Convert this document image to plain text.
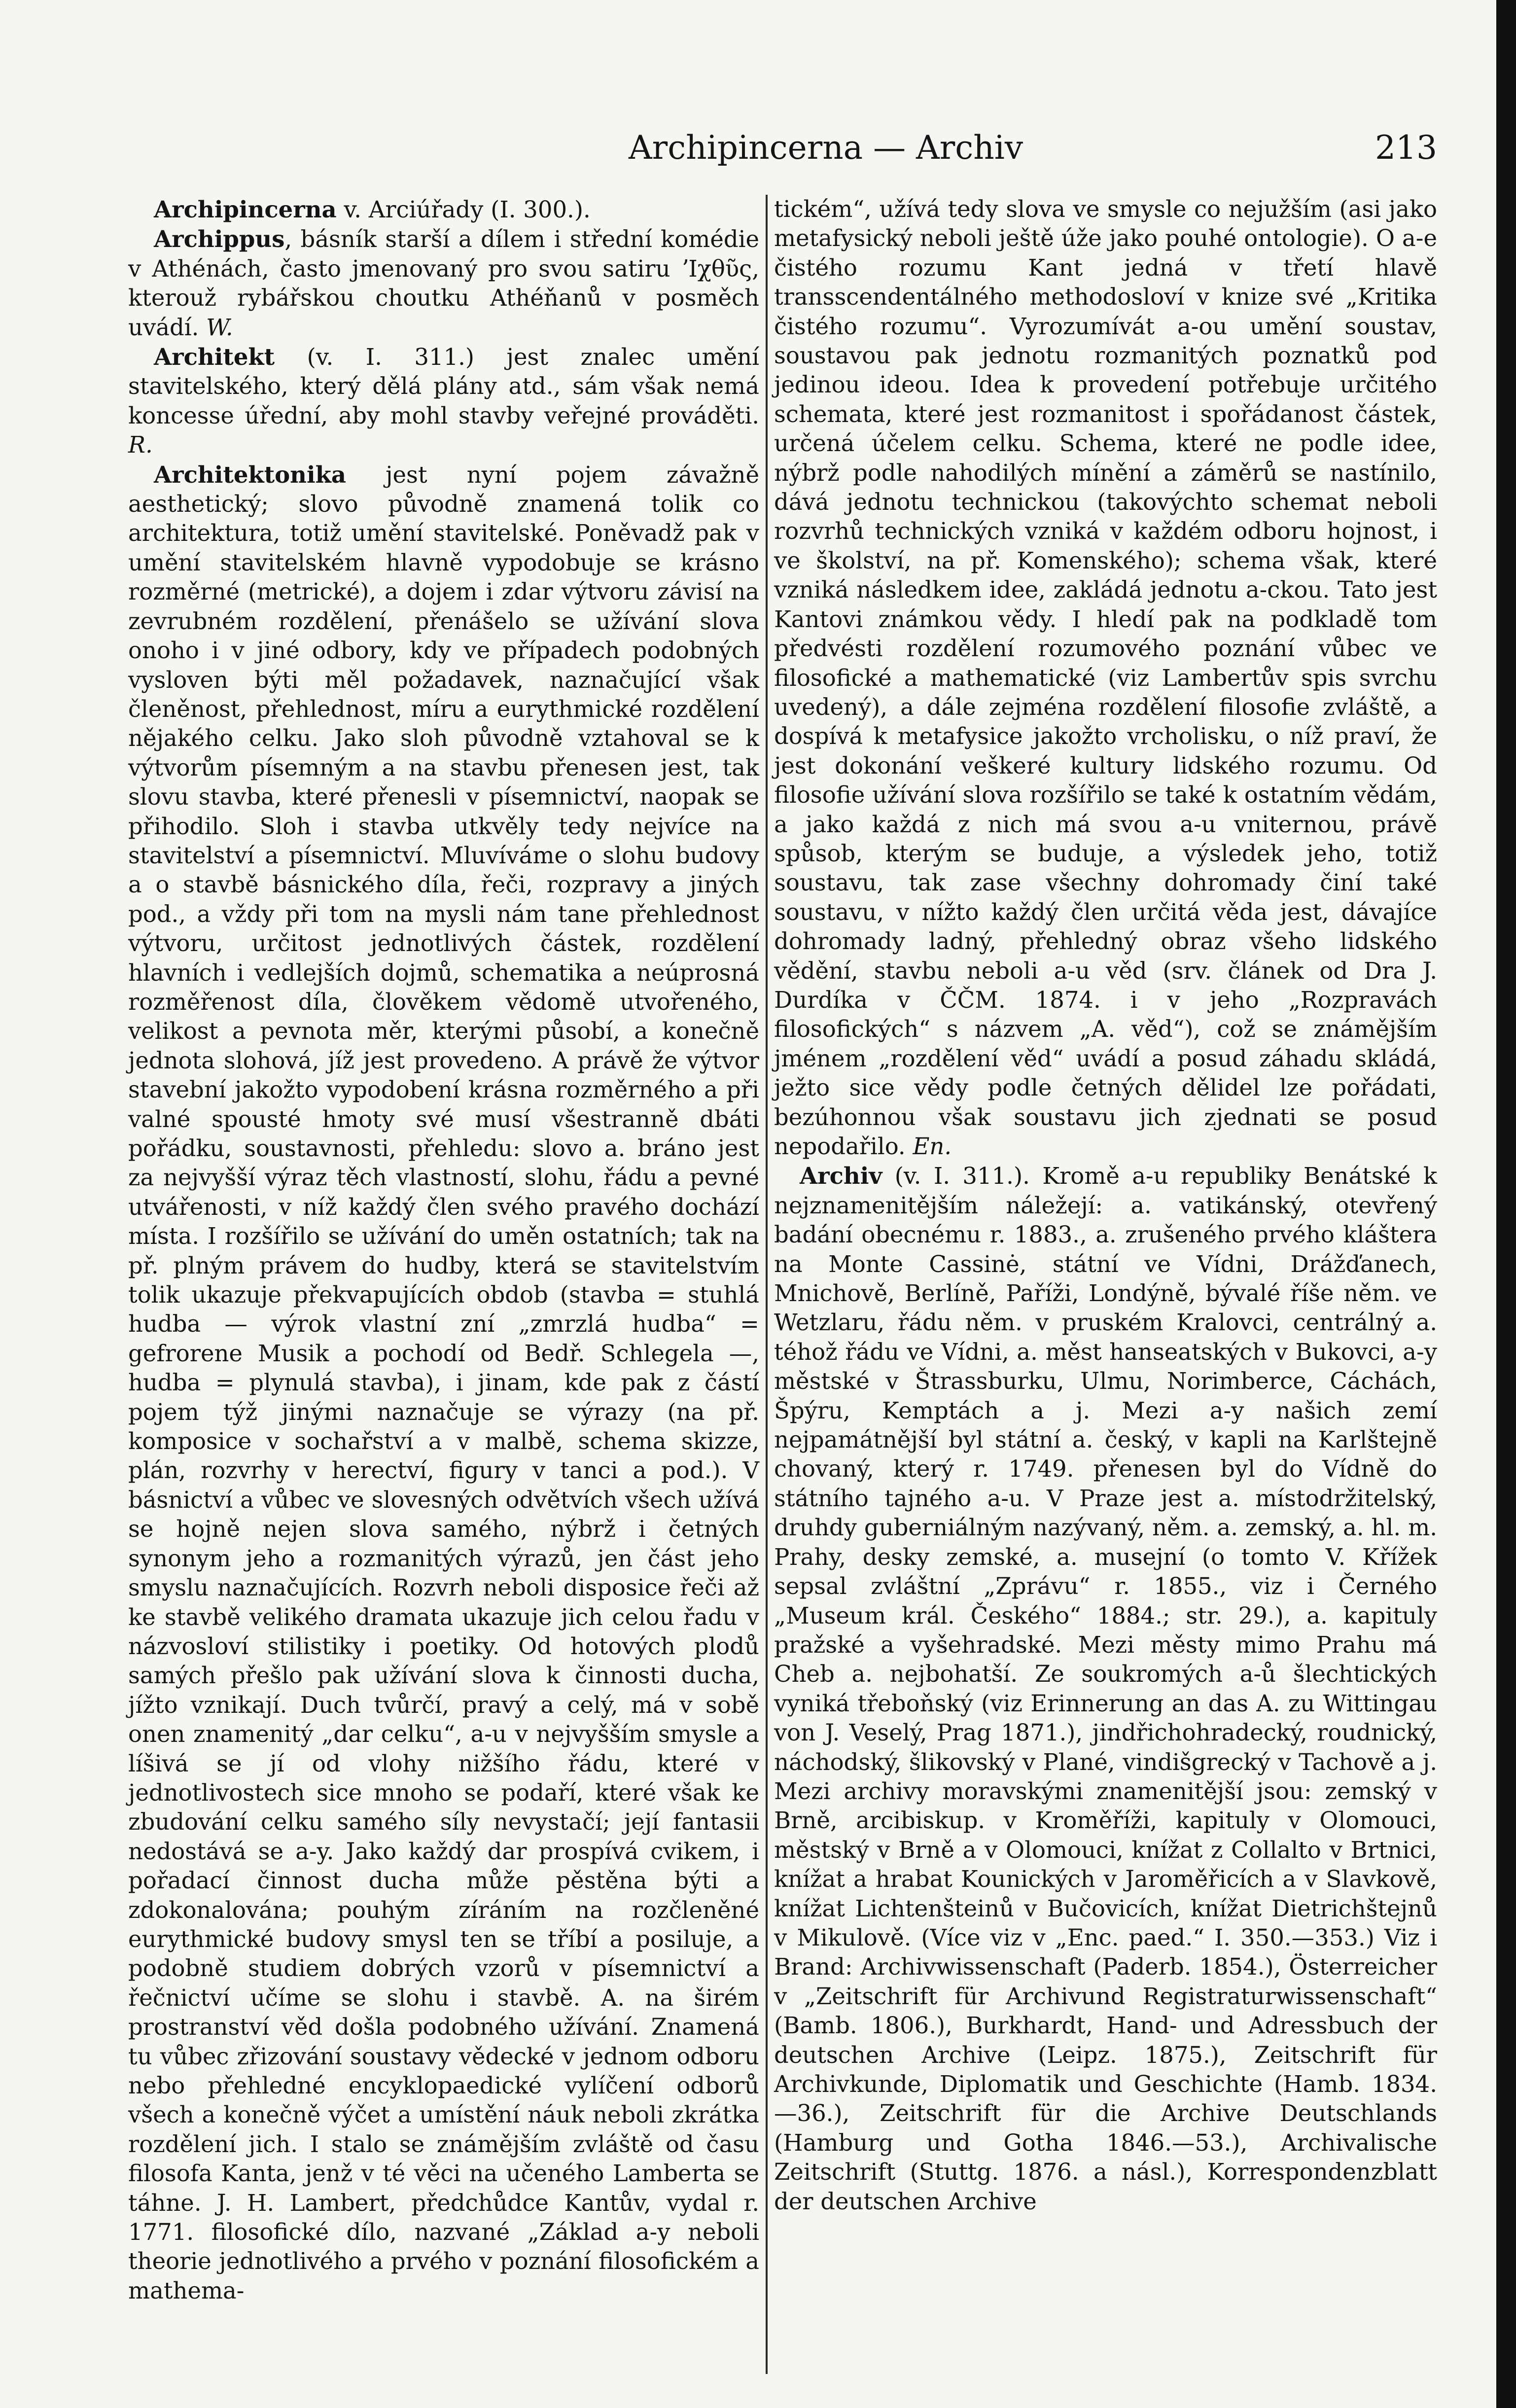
Archipincerna — Archiv	213

Archipincerna v. Arciúřady (I. 300.).

Archippus, básník starší a dílem i střední komédie v Athénách, často jmenovaný pro svou satiru ʼΙχθῦς, kterouž rybářskou choutku Athéňanů v posměch uvádí. W.

Architekt (v. I. 311.) jest znalec umění stavitelského, který dělá plány atd., sám však nemá koncesse úřední, aby mohl stavby veřejné prováděti. R.

Architektonika jest nyní pojem závažně aesthetický; slovo původně znamená tolik co architektura, totiž umění stavitelské. Poněvadž pak v umění stavitelském hlavně vypodobuje se krásno rozměrné (metrické), a dojem i zdar výtvoru závisí na zevrubném rozdělení, přenášelo se užívání slova onoho i v jiné odbory, kdy ve případech podobných vysloven býti měl požadavek, naznačující však členěnost, přehlednost, míru a eurythmické rozdělení nějakého celku. Jako sloh původně vztahoval se k výtvorům písemným a na stavbu přenesen jest, tak slovu stavba, které přenesli v písemnictví, naopak se přihodilo. Sloh i stavba utkvěly tedy nejvíce na stavitelství a písemnictví. Mluvíváme o slohu budovy a o stavbě básnického díla, řeči, rozpravy a jiných pod., a vždy při tom na mysli nám tane přehlednost výtvoru, určitost jednotlivých částek, rozdělení hlavních i vedlejších dojmů, schematika a neúprosná rozměřenost díla, člověkem vědomě utvořeného, velikost a pevnota měr, kterými působí, a konečně jednota slohová, jíž jest provedeno. A právě že výtvor stavební jakožto vypodobení krásna rozměrného a při valné spousté hmoty své musí všestranně dbáti pořádku, soustavnosti, přehledu: slovo a. bráno jest za nejvyšší výraz těch vlastností, slohu, řádu a pevné utvářenosti, v níž každý člen svého pravého dochází místa. I rozšířilo se užívání do uměn ostatních; tak na př. plným právem do hudby, která se stavitelstvím tolik ukazuje překvapujících obdob (stavba = stuhlá hudba — výrok vlastní zní „zmrzlá hudba“ = gefrorene Musik a pochodí od Bedř. Schlegela —, hudba = plynulá stavba), i jinam, kde pak z částí pojem týž jinými naznačuje se výrazy (na př. komposice v sochařství a v malbě, schema skizze, plán, rozvrhy v herectví, figury v tanci a pod.). V básnictví a vůbec ve slovesných odvětvích všech užívá se hojně nejen slova samého, nýbrž i četných synonym jeho a rozmanitých výrazů, jen část jeho smyslu naznačujících. Rozvrh neboli disposice řeči až ke stavbě velikého dramata ukazuje jich celou řadu v názvosloví stilistiky i poetiky. Od hotových plodů samých přešlo pak užívání slova k činnosti ducha, jížto vznikají. Duch tvůrčí, pravý a celý, má v sobě onen znamenitý „dar celku“, a-u v nejvyšším smysle a líšivá se jí od vlohy nižšího řádu, které v jednotlivostech sice mnoho se podaří, které však ke zbudování celku samého síly nevystačí; její fantasii nedostává se a-y. Jako každý dar prospívá cvikem, i pořadací činnost ducha může pěstěna býti a zdokonalována; pouhým zíráním na rozčleněné eurythmické budovy smysl ten se tříbí a posiluje, a podobně studiem dobrých vzorů v písemnictví a řečnictví učíme se slohu i stavbě. A. na širém prostranství věd došla podobného užívání. Znamená tu vůbec zřizování soustavy vědecké v jednom odboru nebo přehledné encyklopaedické vylíčení odborů všech a konečně výčet a umístění náuk neboli zkrátka rozdělení jich. I stalo se známějším zvláště od času filosofa Kanta, jenž v té věci na učeného Lamberta se táhne. J. H. Lambert, předchůdce Kantův, vydal r. 1771. filosofické dílo, nazvané „Základ a-y neboli theorie jednotlivého a prvého v poznání filosofickém a mathema-

tickém“, užívá tedy slova ve smysle co nejužším (asi jako metafysický neboli ještě úže jako pouhé ontologie). O a-e čistého rozumu Kant jedná v třetí hlavě transscendentálného methodosloví v knize své „Kritika čistého rozumu“. Vyrozumívát a-ou umění soustav, soustavou pak jednotu rozmanitých poznatků pod jedinou ideou. Idea k provedení potřebuje určitého schemata, které jest rozmanitost i spořádanost částek, určená účelem celku. Schema, které ne podle idee, nýbrž podle nahodilých mínění a záměrů se nastínilo, dává jednotu technickou (takovýchto schemat neboli rozvrhů technických vzniká v každém odboru hojnost, i ve školství, na př. Komenského); schema však, které vzniká následkem idee, zakládá jednotu a-ckou. Tato jest Kantovi známkou vědy. I hledí pak na podkladě tom předvésti rozdělení rozumového poznání vůbec ve filosofické a mathematické (viz Lambertův spis svrchu uvedený), a dále zejména rozdělení filosofie zvláště, a dospívá k metafysice jakožto vrcholisku, o níž praví, že jest dokonání veškeré kultury lidského rozumu. Od filosofie užívání slova rozšířilo se také k ostatním vědám, a jako každá z nich má svou a-u vniternou, právě spůsob, kterým se buduje, a výsledek jeho, totiž soustavu, tak zase všechny dohromady činí také soustavu, v nížto každý člen určitá věda jest, dávajíce dohromady ladný, přehledný obraz všeho lidského vědění, stavbu neboli a-u věd (srv. článek od Dra J. Durdíka v ČČM. 1874. i v jeho „Rozpravách filosofických“ s názvem „A. věd“), což se známějším jménem „rozdělení věd“ uvádí a posud záhadu skládá, ježto sice vědy podle četných dělidel lze pořádati, bezúhonnou však soustavu jich zjednati se posud nepodařilo. En.

Archiv (v. I. 311.). Kromě a-u republiky Benátské k nejznamenitějším náležejí: a. vatikánský, otevřený badání obecnému r. 1883., a. zrušeného prvého kláštera na Monte Cassinė, státní ve Vídni, Drážďanech, Mnichově, Berlíně, Paříži, Londýně, bývalé říše něm. ve Wetzlaru, řádu něm. v pruském Kralovci, centrálný a. téhož řádu ve Vídni, a. měst hanseatských v Bukovci, a-y městské v Štrassburku, Ulmu, Norimberce, Cáchách, Špýru, Kemptách a j. Mezi a-y našich zemí nejpamátnější byl státní a. český, v kapli na Karlštejně chovaný, který r. 1749. přenesen byl do Vídně do státního tajného a-u. V Praze jest a. místodržitelský, druhdy guberniálným nazývaný, něm. a. zemský, a. hl. m. Prahy, desky zemské, a. musejní (o tomto V. Křížek sepsal zvláštní „Zprávu“ r. 1855., viz i Černého „Museum král. Českého“ 1884.; str. 29.), a. kapituly pražské a vyšehradské. Mezi městy mimo Prahu má Cheb a. nejbohatší. Ze soukromých a-ů šlechtických vyniká třeboňský (viz Erinnerung an das A. zu Wittingau von J. Veselý, Prag 1871.), jindřichohradecký, roudnický, náchodský, šlikovský v Plané, vindišgrecký v Tachově a j. Mezi archivy moravskými znamenitější jsou: zemský v Brně, arcibiskup. v Kroměříži, kapituly v Olomouci, městský v Brně a v Olomouci, knížat z Collalto v Brtnici, knížat a hrabat Kounických v Jaroměřicích a v Slavkově, knížat Lichtenšteinů v Bučovicích, knížat Dietrichštejnů v Mikulově. (Více viz v „Enc. paed.“ I. 350.—353.) Viz i Brand: Archivwissenschaft (Paderb. 1854.), Österreicher v „Zeitschrift für Archivund Registraturwissenschaft“ (Bamb. 1806.), Burkhardt, Hand- und Adressbuch der deutschen Archive (Leipz. 1875.), Zeitschrift für Archivkunde, Diplomatik und Geschichte (Hamb. 1834.—36.), Zeitschrift für die Archive Deutschlands (Hamburg und Gotha 1846.—53.), Archivalische Zeitschrift (Stuttg. 1876. a násl.), Korrespondenzblatt der deutschen Archive
